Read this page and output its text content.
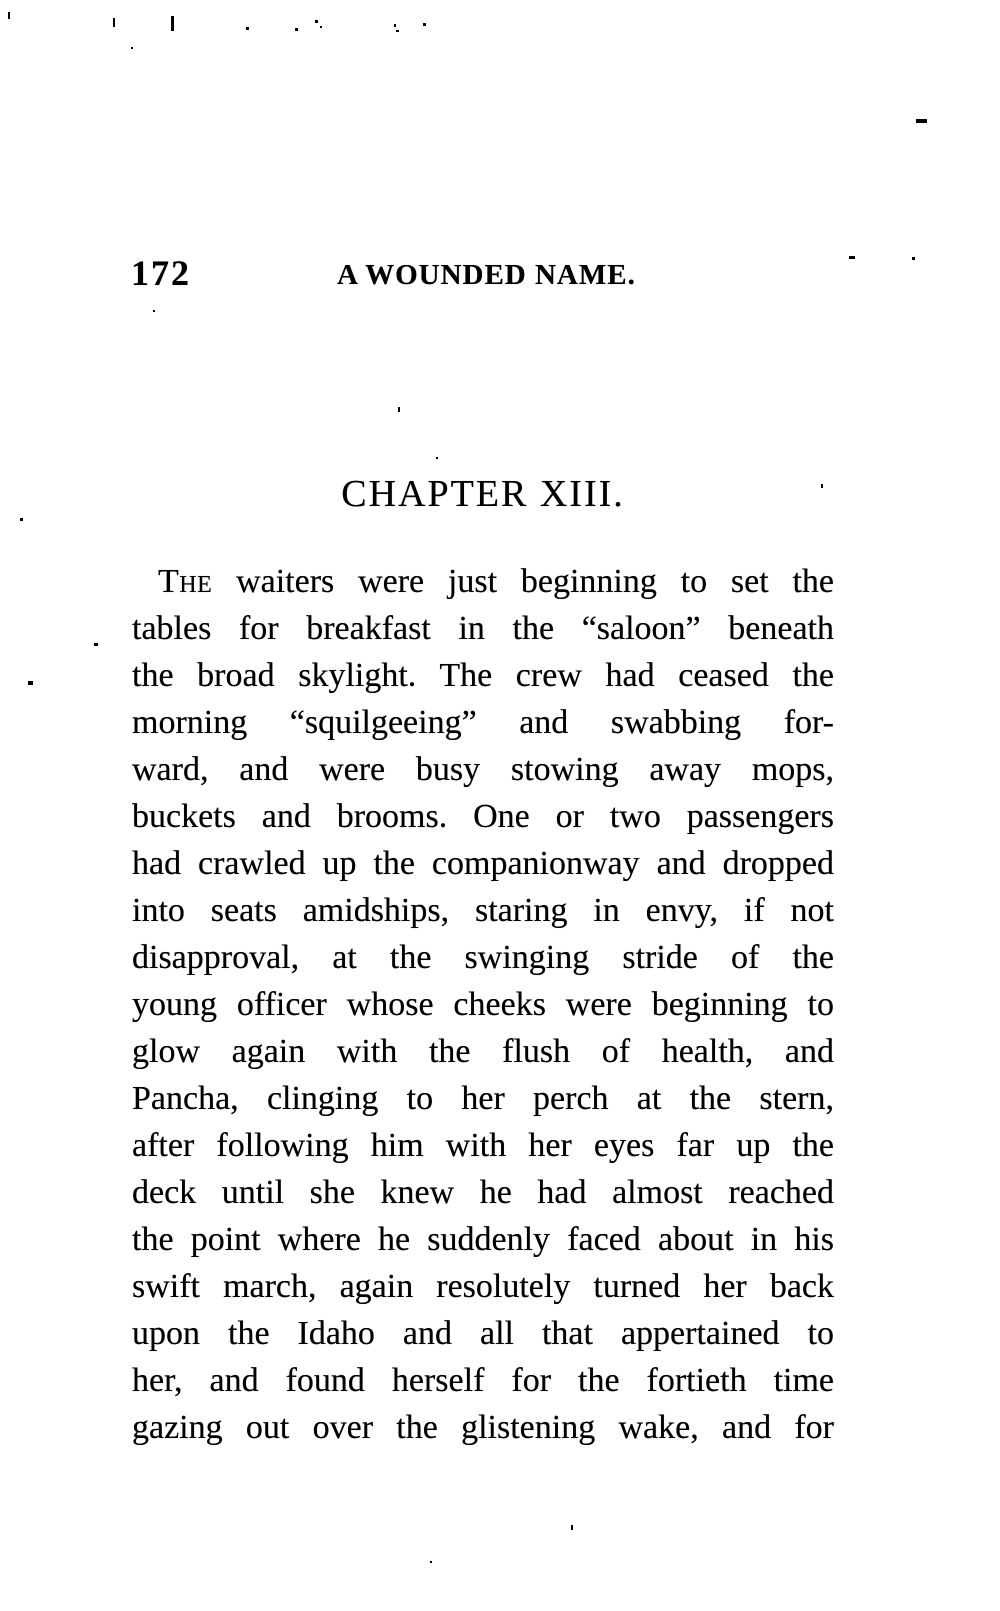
172	A WOUNDED NAME.
CHAPTER XIII.
The waiters were just beginning to set the
tables for breakfast in the “saloon” beneath
the broad skylight. The crew had ceased the
morning “squilgeeing” and swabbing for-
ward, and were busy stowing away mops,
buckets and brooms. One or two passengers
had crawled up the companionway and dropped
into seats amidships, staring in envy, if not
disapproval, at the swinging stride of the
young officer whose cheeks were beginning to
glow again with the flush of health, and
Pancha, clinging to her perch at the stern,
after following him with her eyes far up the
deck until she knew he had almost reached
the point where he suddenly faced about in his
swift march, again resolutely turned her back
upon the Idaho and all that appertained to
her, and found herself for the fortieth time
gazing out over the glistening wake, and for
